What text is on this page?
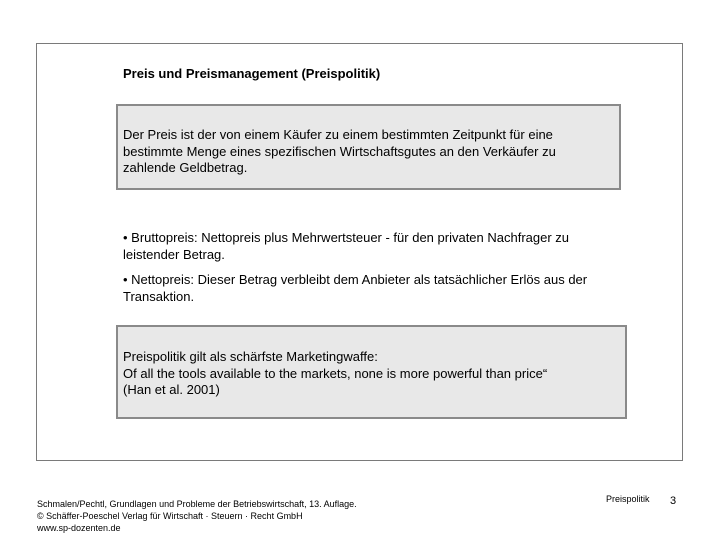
Preis und Preismanagement (Preispolitik)
Der Preis ist der von einem Käufer zu einem bestimmten Zeitpunkt für eine
bestimmte Menge eines spezifischen Wirtschaftsgutes an den Verkäufer zu
zahlende Geldbetrag.

• Bruttopreis: Nettopreis plus Mehrwertsteuer - für den privaten Nachfrager zu
leistender Betrag.

• Nettopreis: Dieser Betrag verbleibt dem Anbieter als tatsächlicher Erlös aus der
Transaktion.

Preispolitik gilt als schärfste Marketingwaffe:
Of all the tools available to the markets, none is more powerful than price“
(Han et al. 2001)
Schmalen/Pechtl, Grundlagen und Probleme der Betriebswirtschaft, 13. Auflage.
© Schäffer-Poeschel Verlag für Wirtschaft · Steuern · Recht GmbH
www.sp-dozenten.de
Preispolitik 3
